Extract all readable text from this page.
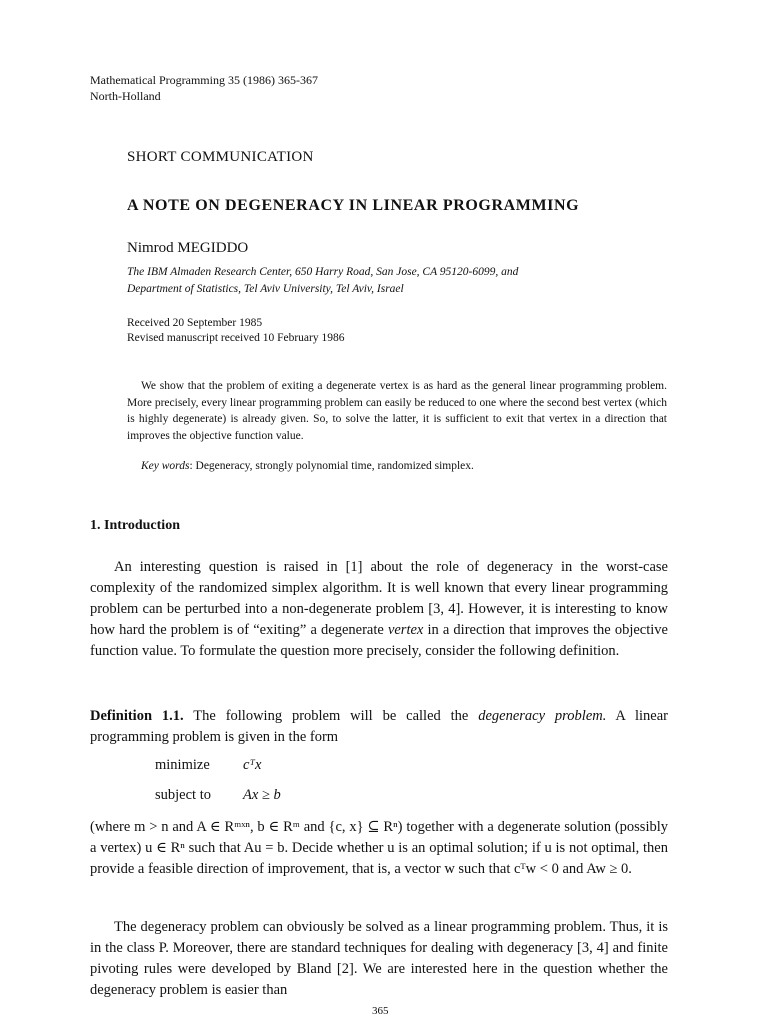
Mathematical Programming 35 (1986) 365-367
North-Holland
SHORT COMMUNICATION
A NOTE ON DEGENERACY IN LINEAR PROGRAMMING
Nimrod MEGIDDO
The IBM Almaden Research Center, 650 Harry Road, San Jose, CA 95120-6099, and
Department of Statistics, Tel Aviv University, Tel Aviv, Israel
Received 20 September 1985
Revised manuscript received 10 February 1986
We show that the problem of exiting a degenerate vertex is as hard as the general linear programming problem. More precisely, every linear programming problem can easily be reduced to one where the second best vertex (which is highly degenerate) is already given. So, to solve the latter, it is sufficient to exit that vertex in a direction that improves the objective function value.
Key words: Degeneracy, strongly polynomial time, randomized simplex.
1. Introduction
An interesting question is raised in [1] about the role of degeneracy in the worst-case complexity of the randomized simplex algorithm. It is well known that every linear programming problem can be perturbed into a non-degenerate problem [3, 4]. However, it is interesting to know how hard the problem is of “exiting” a degenerate vertex in a direction that improves the objective function value. To formulate the question more precisely, consider the following definition.
Definition 1.1. The following problem will be called the degeneracy problem. A linear programming problem is given in the form
minimize cᵀx
subject to Ax ≥ b
(where m > n and A ∈ Rᵐˣⁿ, b ∈ Rᵐ and {c, x} ⊆ Rⁿ) together with a degenerate solution (possibly a vertex) u ∈ Rⁿ such that Au = b. Decide whether u is an optimal solution; if u is not optimal, then provide a feasible direction of improvement, that is, a vector w such that cᵀw < 0 and Aw ≥ 0.
The degeneracy problem can obviously be solved as a linear programming problem. Thus, it is in the class P. Moreover, there are standard techniques for dealing with degeneracy [3, 4] and finite pivoting rules were developed by Bland [2]. We are interested here in the question whether the degeneracy problem is easier than
365
